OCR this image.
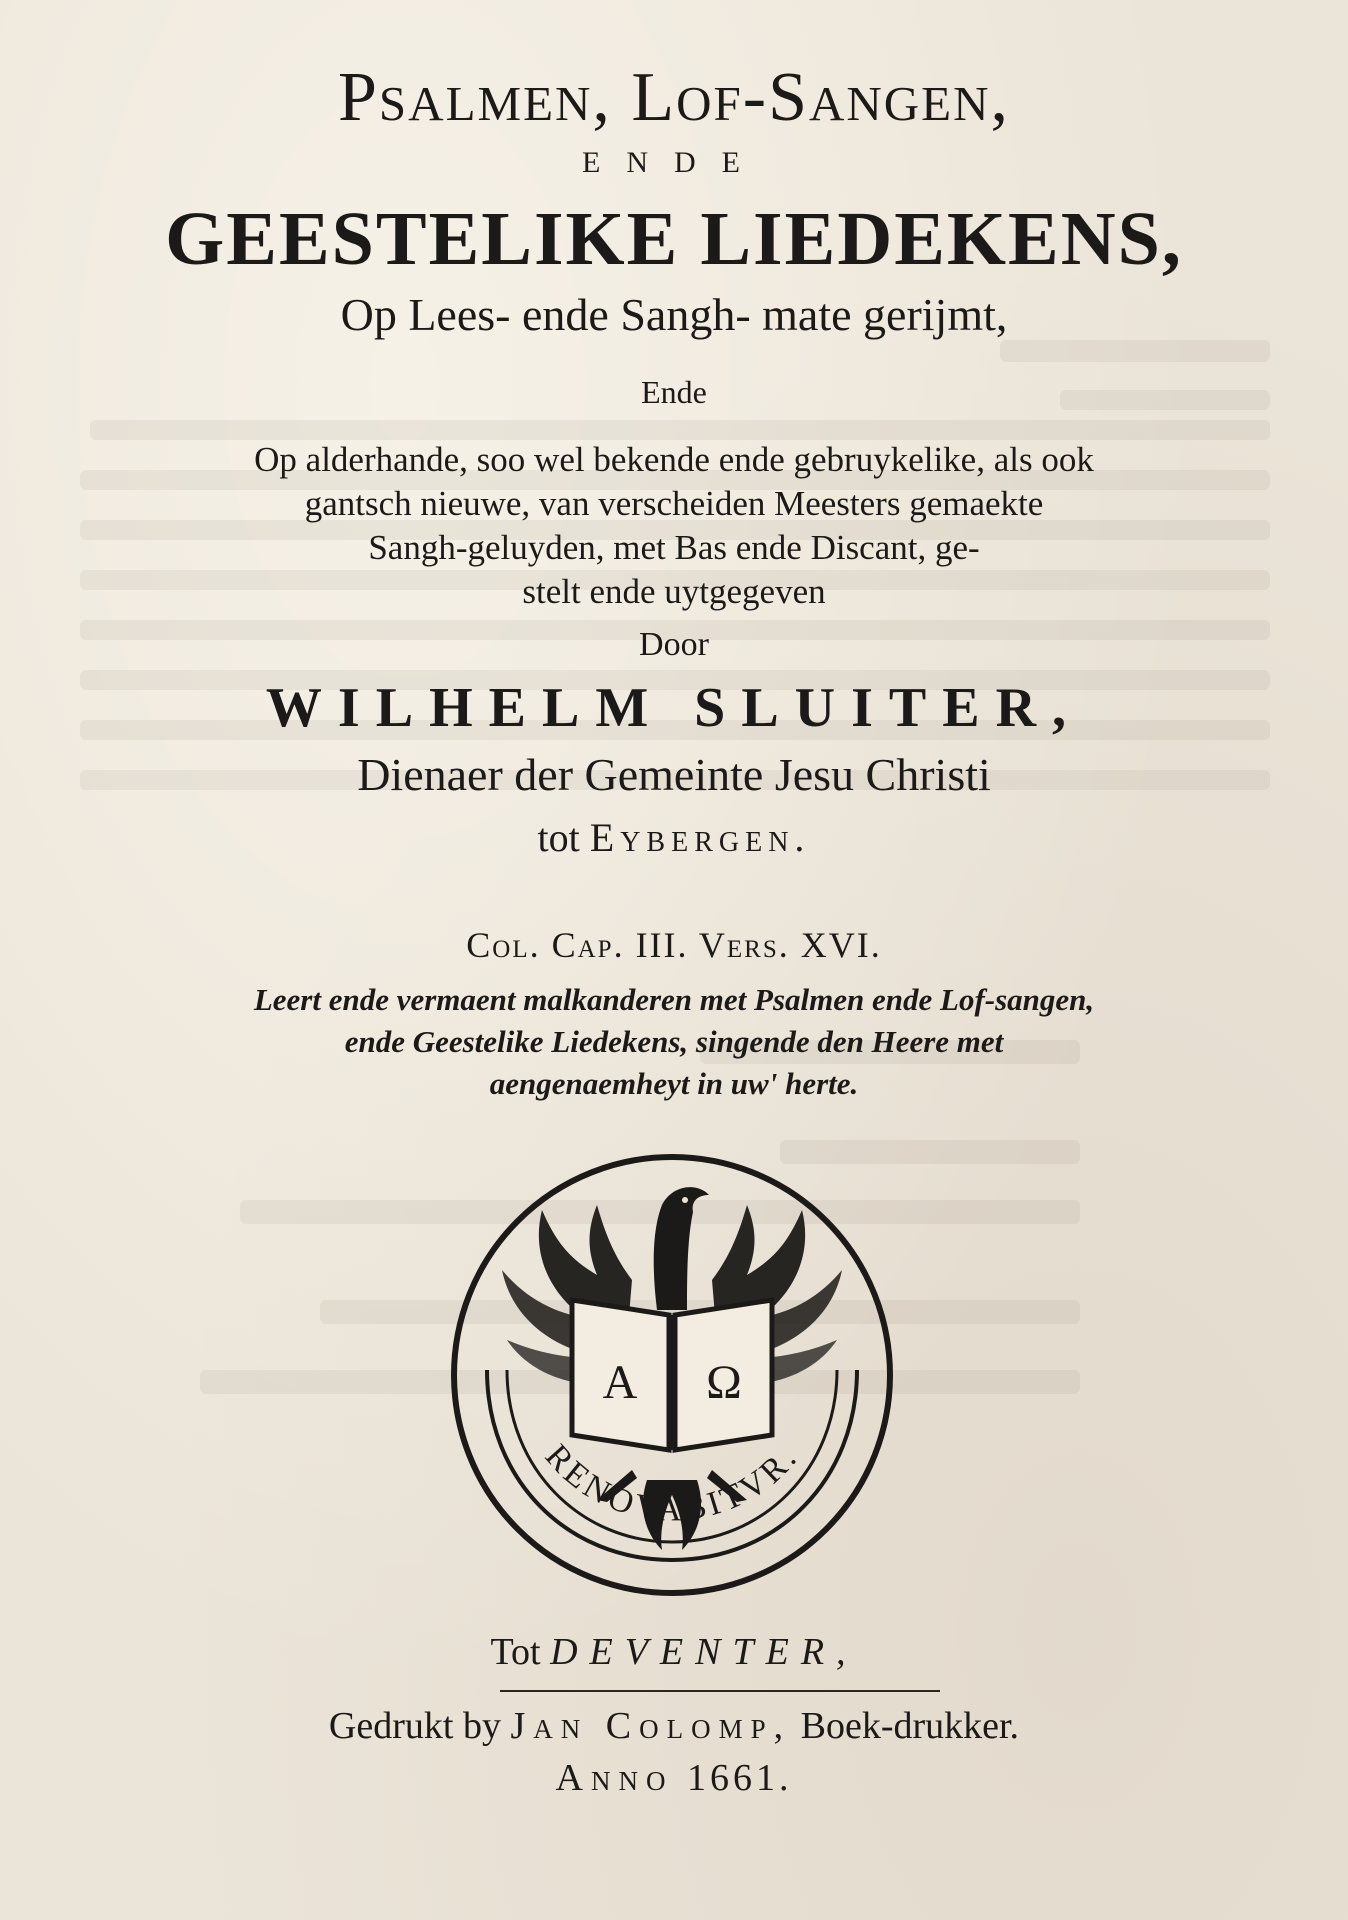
Psalmen, Lof-Sangen,

ENDE

GEESTELIKE LIEDEKENS,

Op Lees- ende Sangh- mate gerijmt,

Ende

Op alderhande, soo wel bekende ende gebruykelike, als ook

gantsch nieuwe, van verscheiden Meesters gemaekte

Sangh-geluyden, met Bas ende Discant, ge-

stelt ende uytgegeven

Door

WILHELM SLUITER,

Dienaer der Gemeinte Jesu Christi

tot Eybergen.

Col. Cap. III. Vers. XVI.

Leert ende vermaent malkanderen met Psalmen ende Lof-sangen,

ende Geestelike Liedekens, singende den Heere met

aengenaemheyt in uw' herte.

A Ω
RENOVABITVR.

Tot DEVENTER,

Gedrukt by Jan Colomp, Boek-drukker.

Anno 1661.
